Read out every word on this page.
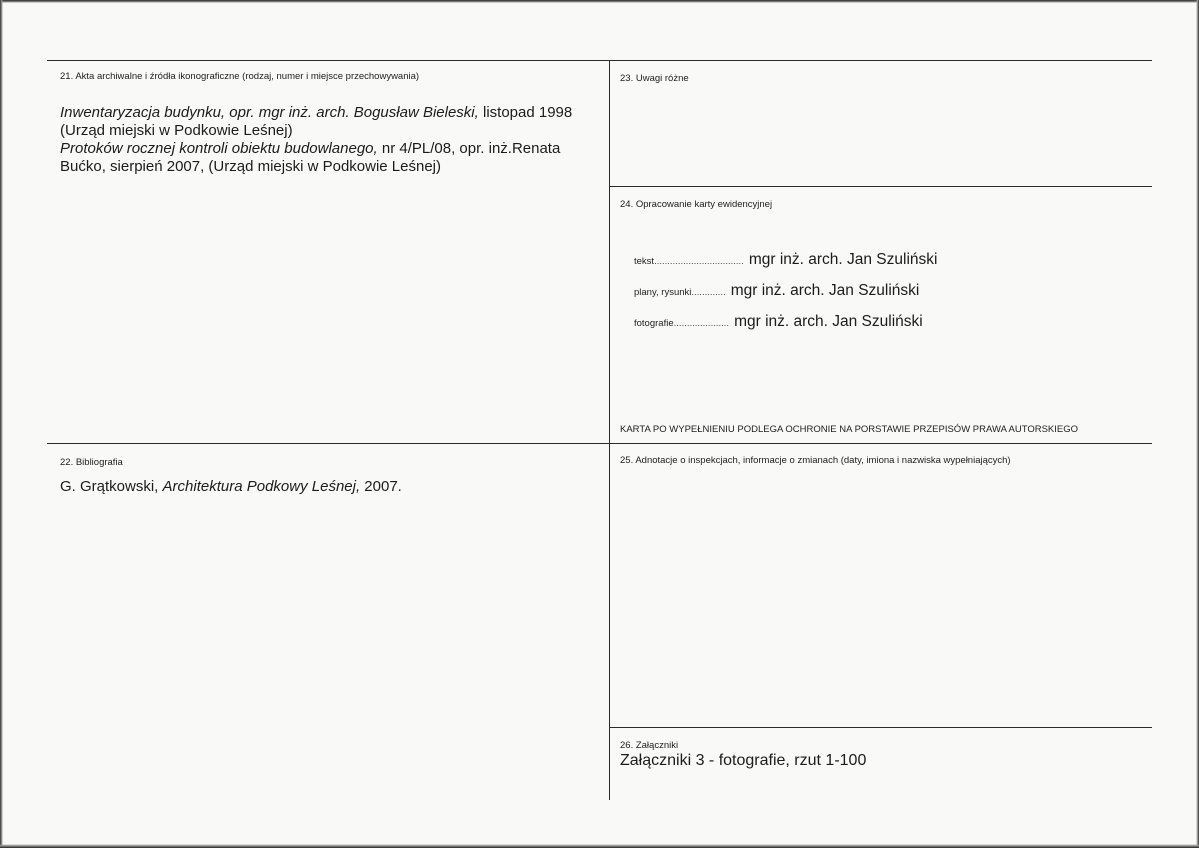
21. Akta archiwalne i źródła ikonograficzne (rodzaj, numer i miejsce przechowywania)
Inwentaryzacja budynku, opr. mgr inż. arch. Bogusław Bieleski, listopad 1998 (Urząd miejski w Podkowie Leśnej)
Protoków rocznej kontroli obiektu budowlanego, nr 4/PL/08, opr. inż.Renata Bućko, sierpień 2007, (Urząd miejski w Podkowie Leśnej)
22. Bibliografia
G. Grątkowski, Architektura Podkowy Leśnej, 2007.
23. Uwagi różne
24. Opracowanie karty ewidencyjnej
tekst .................................. mgr inż. arch. Jan Szuliński
plany, rysunki ............. mgr inż. arch. Jan Szuliński
fotografie ..................... mgr inż. arch. Jan Szuliński
KARTA PO WYPEŁNIENIU PODLEGA OCHRONIE NA PORSTAWIE PRZEPISÓW PRAWA AUTORSKIEGO
25. Adnotacje o inspekcjach, informacje o zmianach (daty, imiona i nazwiska wypełniających)
26. Załączniki
Załączniki 3 - fotografie, rzut 1-100
